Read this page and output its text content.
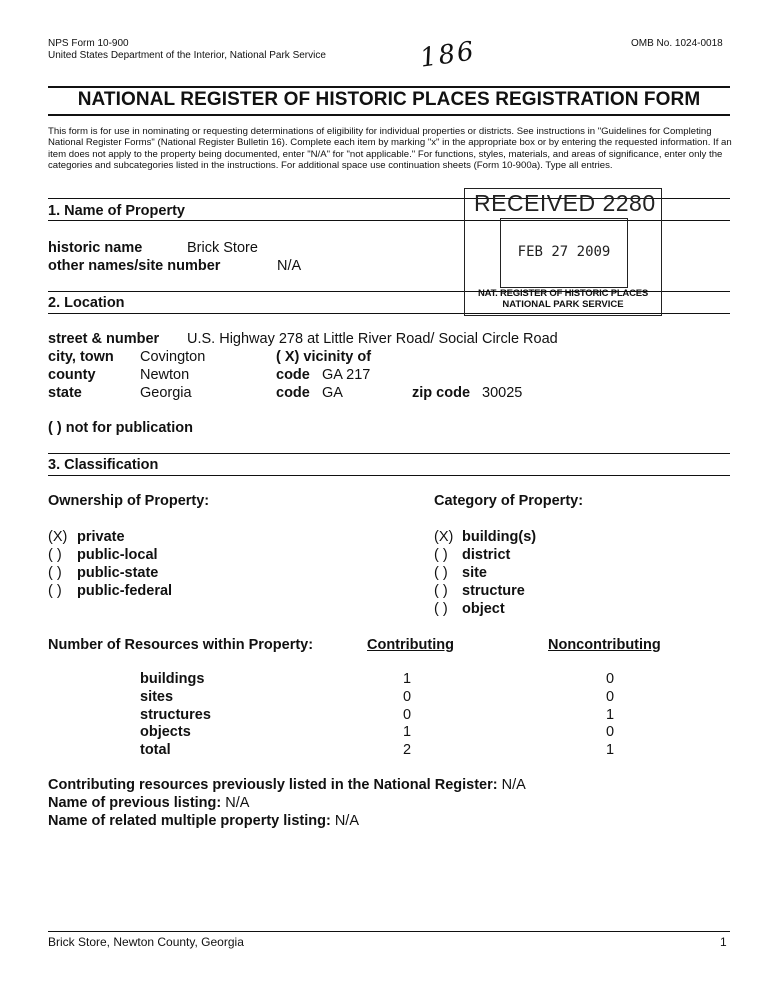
NPS Form 10-900
United States Department of the Interior, National Park Service
OMB No. 1024-0018
186
NATIONAL REGISTER OF HISTORIC PLACES REGISTRATION FORM
This form is for use in nominating or requesting determinations of eligibility for individual properties or districts. See instructions in "Guidelines for Completing National Register Forms" (National Register Bulletin 16). Complete each item by marking "x" in the appropriate box or by entering the requested information. If an item does not apply to the property being documented, enter "N/A" for "not applicable." For functions, styles, materials, and areas of significance, enter only the categories and subcategories listed in the instructions. For additional space use continuation sheets (Form 10-900a). Type all entries.
1. Name of Property
historic name	Brick Store
other names/site number	N/A
2. Location
street & number U.S. Highway 278 at Little River Road/ Social Circle Road
city, town Covington	( X) vicinity of
county	Newton	code GA 217
state	Georgia	code GA	zip code 30025
( ) not for publication
3. Classification
Ownership of Property:	Category of Property:
(X) private
( ) public-local
( ) public-state
( ) public-federal
(X) building(s)
( ) district
( ) site
( ) structure
( ) object
Number of Resources within Property:	Contributing	Noncontributing
buildings	1	0
sites	0	0
structures	0	1
objects	1	0
total	2	1
Contributing resources previously listed in the National Register: N/A
Name of previous listing: N/A
Name of related multiple property listing: N/A
RECEIVED 2280
FEB 27 2009
NAT. REGISTER OF HISTORIC PLACES
NATIONAL PARK SERVICE
Brick Store, Newton County, Georgia	1
